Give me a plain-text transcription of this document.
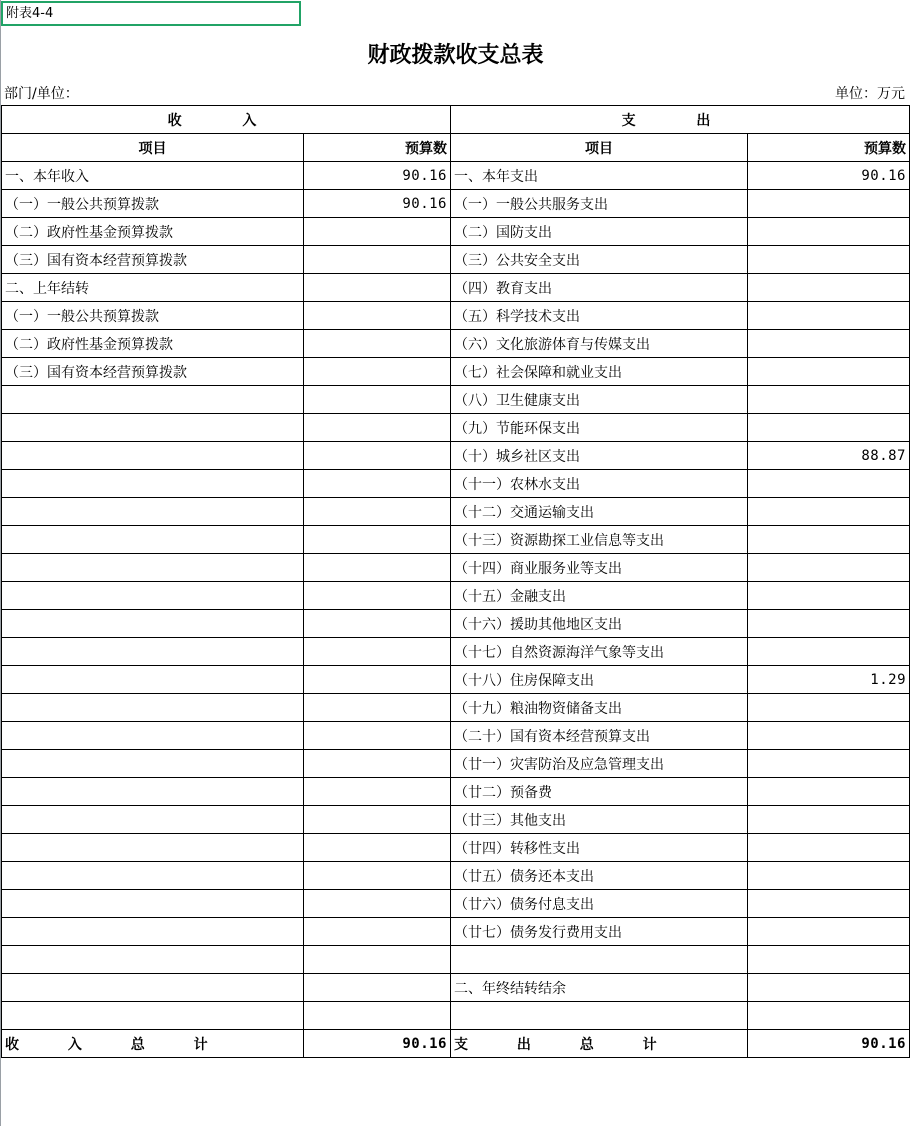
附表4-4
财政拨款收支总表
部门/单位：	单位：万元
收 入		支 出	
项目	预算数	项目	预算数
一、本年收入	90.16	一、本年支出	90.16
（一）一般公共预算拨款	90.16	（一）一般公共服务支出	
（二）政府性基金预算拨款		（二）国防支出	
（三）国有资本经营预算拨款		（三）公共安全支出	
二、上年结转		（四）教育支出	
（一）一般公共预算拨款		（五）科学技术支出	
（二）政府性基金预算拨款		（六）文化旅游体育与传媒支出	
（三）国有资本经营预算拨款		（七）社会保障和就业支出	
		（八）卫生健康支出	
		（九）节能环保支出	
		（十）城乡社区支出	88.87
		（十一）农林水支出	
		（十二）交通运输支出	
		（十三）资源勘探工业信息等支出	
		（十四）商业服务业等支出	
		（十五）金融支出	
		（十六）援助其他地区支出	
		（十七）自然资源海洋气象等支出	
		（十八）住房保障支出	1.29
		（十九）粮油物资储备支出	
		（二十）国有资本经营预算支出	
		（廿一）灾害防治及应急管理支出	
		（廿二）预备费	
		（廿三）其他支出	
		（廿四）转移性支出	
		（廿五）债务还本支出	
		（廿六）债务付息支出	
		（廿七）债务发行费用支出	

		二、年终结转结余	

收 入 总 计	90.16	支 出 总 计	90.16
